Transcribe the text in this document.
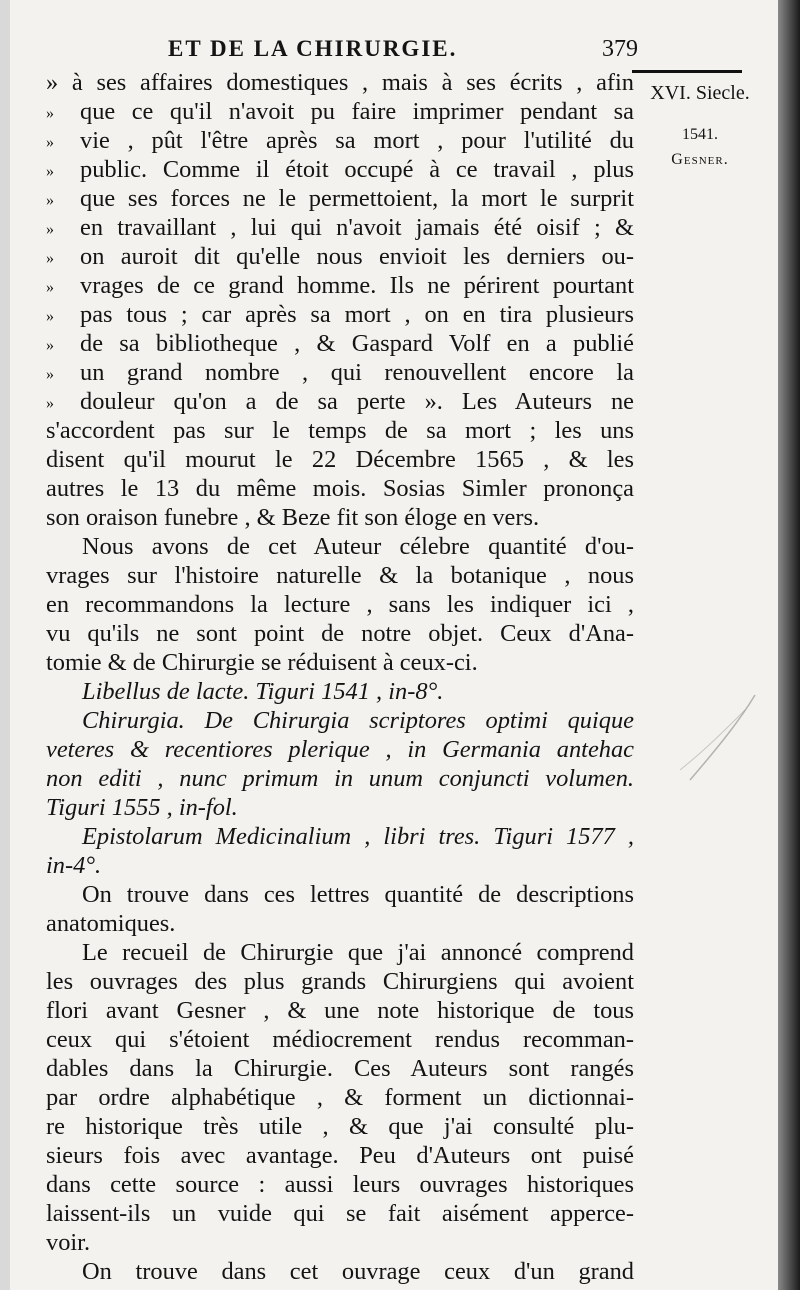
ET DE LA CHIRURGIE.	379
XVI. Siecle.
1541.
Gesner.
» à ses affaires domestiques , mais à ses écrits , afin
» que ce qu'il n'avoit pu faire imprimer pendant sa
» vie , pût l'être après sa mort , pour l'utilité du
» public. Comme il étoit occupé à ce travail , plus
» que ses forces ne le permettoient, la mort le surprit
» en travaillant , lui qui n'avoit jamais été oisif ; &
» on auroit dit qu'elle nous envioit les derniers ou-
» vrages de ce grand homme. Ils ne périrent pourtant
» pas tous ; car après sa mort , on en tira plusieurs
» de sa bibliotheque , & Gaspard Volf en a publié
» un grand nombre , qui renouvellent encore la
» douleur qu'on a de sa perte ». Les Auteurs ne
s'accordent pas sur le temps de sa mort ; les uns
disent qu'il mourut le 22 Décembre 1565 , & les
autres le 13 du même mois. Sosias Simler prononça
son oraison funebre , & Beze fit son éloge en vers.
Nous avons de cet Auteur célebre quantité d'ou-
vrages sur l'histoire naturelle & la botanique , nous
en recommandons la lecture , sans les indiquer ici ,
vu qu'ils ne sont point de notre objet. Ceux d'Ana-
tomie & de Chirurgie se réduisent à ceux-ci.
Libellus de lacte. Tiguri 1541 , in-8°.
Chirurgia. De Chirurgia scriptores optimi quique
veteres & recentiores plerique , in Germania antehac
non editi , nunc primum in unum conjuncti volumen.
Tiguri 1555 , in-fol.
Epistolarum Medicinalium , libri tres. Tiguri 1577 ,
in-4°.
On trouve dans ces lettres quantité de descriptions
anatomiques.
Le recueil de Chirurgie que j'ai annoncé comprend
les ouvrages des plus grands Chirurgiens qui avoient
flori avant Gesner , & une note historique de tous
ceux qui s'étoient médiocrement rendus recomman-
dables dans la Chirurgie. Ces Auteurs sont rangés
par ordre alphabétique , & forment un dictionnai-
re historique très utile , & que j'ai consulté plu-
sieurs fois avec avantage. Peu d'Auteurs ont puisé
dans cette source : aussi leurs ouvrages historiques
laissent-ils un vuide qui se fait aisément apperce-
voir.
On trouve dans cet ouvrage ceux d'un grand
